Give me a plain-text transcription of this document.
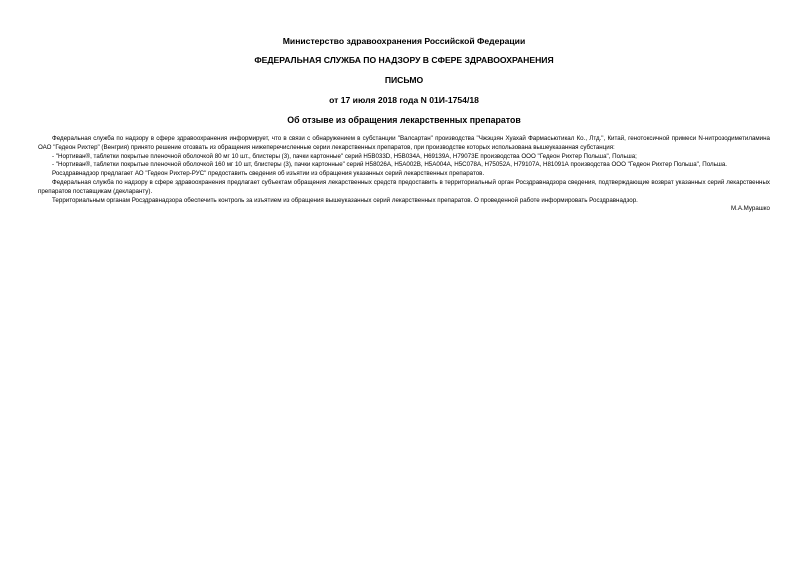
Министерство здравоохранения Российской Федерации

ФЕДЕРАЛЬНАЯ СЛУЖБА ПО НАДЗОРУ В СФЕРЕ ЗДРАВООХРАНЕНИЯ

ПИСЬМО

от 17 июля 2018 года N 01И-1754/18

Об отзыве из обращения лекарственных препаратов

Федеральная служба по надзору в сфере здравоохранения информирует, что в связи с обнаружением в субстанции "Валсартан" производства "Чжэцзян Хуахай Фармасьютикал Ко., Лтд.", Китай, генотоксичной примеси N-нитрозодиметиламина ОАО "Гедеон Рихтер" (Венгрия) принято решение отозвать из обращения нижеперечисленные серии лекарственных препаратов, при производстве которых использована вышеуказанная субстанция:

- "Нортиван®, таблетки покрытые пленочной оболочкой 80 мг 10 шт., блистеры (3), пачки картонные" серий Н5В033D, Н5В034А, Н69139А, Н79073Е производства ООО "Гедеон Рихтер Польша", Польша;

- "Нортиван®, таблетки покрытые пленочной оболочкой 160 мг 10 шт, блистеры (3), пачки картонные" серий Н58026А, Н5А002В, Н5А004А, Н5С078А, Н75052А, Н79107А, Н81091А производства ООО "Гедеон Рихтер Польша", Польша.

Росздравнадзор предлагает АО "Гедеон Рихтер-РУС" предоставить сведения об изъятии из обращения указанных серий лекарственных препаратов.

Федеральная служба по надзору в сфере здравоохранения предлагает субъектам обращения лекарственных средств предоставить в территориальный орган Росздравнадзора сведения, подтверждающие возврат указанных серий лекарственных препаратов поставщикам (декларанту).

Территориальным органам Росздравнадзора обеспечить контроль за изъятием из обращения вышеуказанных серий лекарственных препаратов. О проведенной работе информировать Росздравнадзор.

М.А.Мурашко
